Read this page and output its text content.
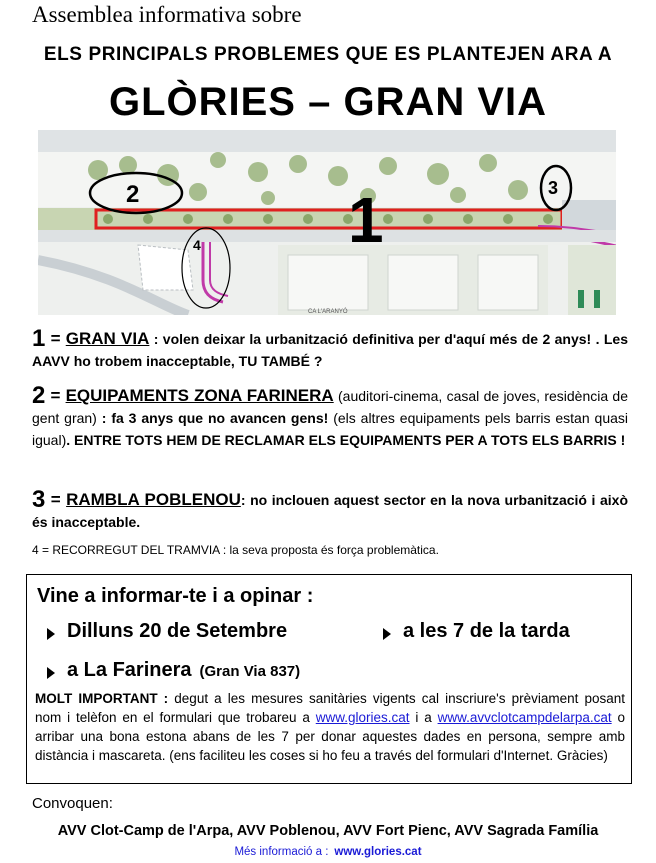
Assemblea informativa sobre
ELS PRINCIPALS PROBLEMES QUE ES PLANTEJEN ARA A
GLÒRIES – GRAN VIA
1
2	3
4
CA L'ARANYÓ
1 = GRAN VIA : volen deixar la urbanització definitiva per d'aquí més de 2 anys! . Les AAVV ho trobem inacceptable, TU TAMBÉ ?
2 = EQUIPAMENTS ZONA FARINERA (auditori-cinema, casal de joves, residència de gent gran) : fa 3 anys que no avancen gens! (els altres equipaments pels barris estan quasi igual). ENTRE TOTS HEM DE RECLAMAR ELS EQUIPAMENTS PER A TOTS ELS BARRIS !
3 = RAMBLA POBLENOU: no inclouen aquest sector en la nova urbanització i això és inacceptable.
4 = RECORREGUT DEL TRAMVIA : la seva proposta és força problemàtica.
Vine a informar-te i a opinar :
Dilluns 20 de Setembre	a les 7 de la tarda
a La Farinera (Gran Via 837)
MOLT IMPORTANT : degut a les mesures sanitàries vigents cal inscriure's prèviament posant nom i telèfon en el formulari que trobareu a www.glories.cat i a www.avvclotcampdelarpa.cat o arribar una bona estona abans de les 7 per donar aquestes dades en persona, sempre amb distància i mascareta. (ens faciliteu les coses si ho feu a través del formulari d'Internet. Gràcies)
Convoquen:
AVV Clot-Camp de l'Arpa, AVV Poblenou, AVV Fort Pienc, AVV Sagrada Família
Més informació a : www.glories.cat
